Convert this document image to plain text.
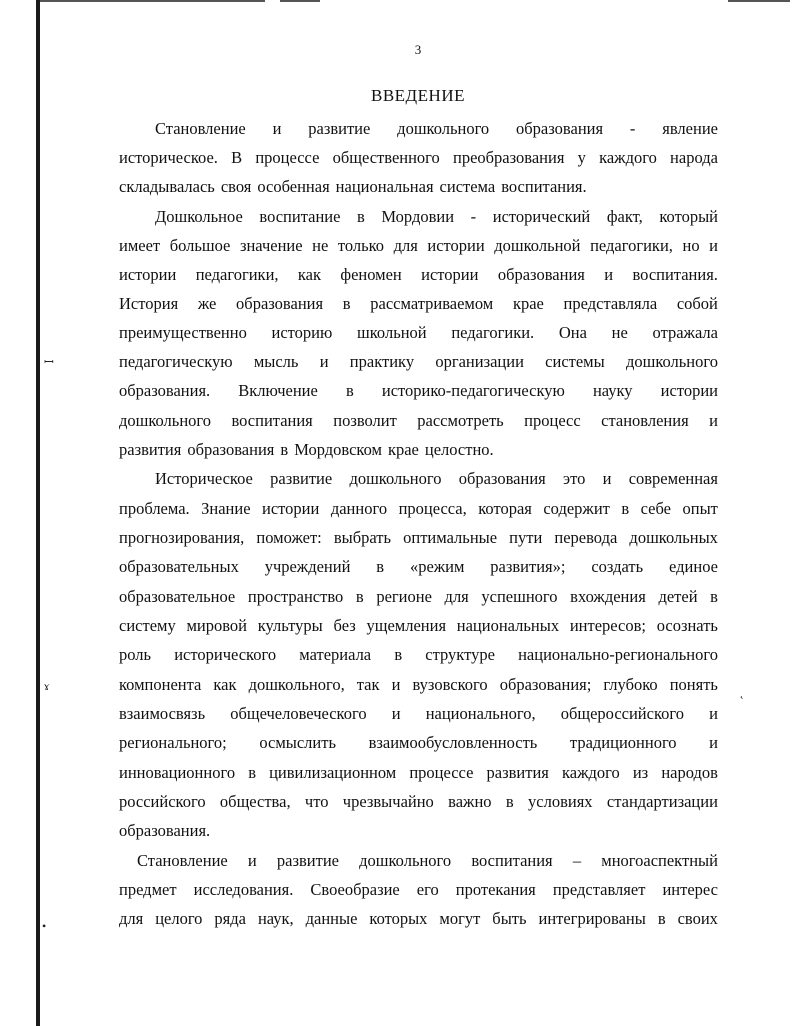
ꟷ
ɤ	˛
•
3
ВВЕДЕНИЕ
Становление и развитие дошкольного образования - явление
историческое. В процессе общественного преобразования у каждого народа
складывалась своя особенная национальная система воспитания.
Дошкольное воспитание в Мордовии - исторический факт, который
имеет большое значение не только для истории дошкольной педагогики, но и
истории педагогики, как феномен истории образования и воспитания.
История же образования в рассматриваемом крае представляла собой
преимущественно историю школьной педагогики. Она не отражала
педагогическую мысль и практику организации системы дошкольного
образования. Включение в историко-педагогическую науку истории
дошкольного воспитания позволит рассмотреть процесс становления и
развития образования в Мордовском крае целостно.
Историческое развитие дошкольного образования это и современная
проблема. Знание истории данного процесса, которая содержит в себе опыт
прогнозирования, поможет: выбрать оптимальные пути перевода дошкольных
образовательных учреждений в «режим развития»; создать единое
образовательное пространство в регионе для успешного вхождения детей в
систему мировой культуры без ущемления национальных интересов; осознать
роль исторического материала в структуре национально-регионального
компонента как дошкольного, так и вузовского образования; глубоко понять
взаимосвязь общечеловеческого и национального, общероссийского и
регионального; осмыслить взаимообусловленность традиционного и
инновационного в цивилизационном процессе развития каждого из народов
российского общества, что чрезвычайно важно в условиях стандартизации
образования.
Становление и развитие дошкольного воспитания – многоаспектный
предмет исследования. Своеобразие его протекания представляет интерес
для целого ряда наук, данные которых могут быть интегрированы в своих
